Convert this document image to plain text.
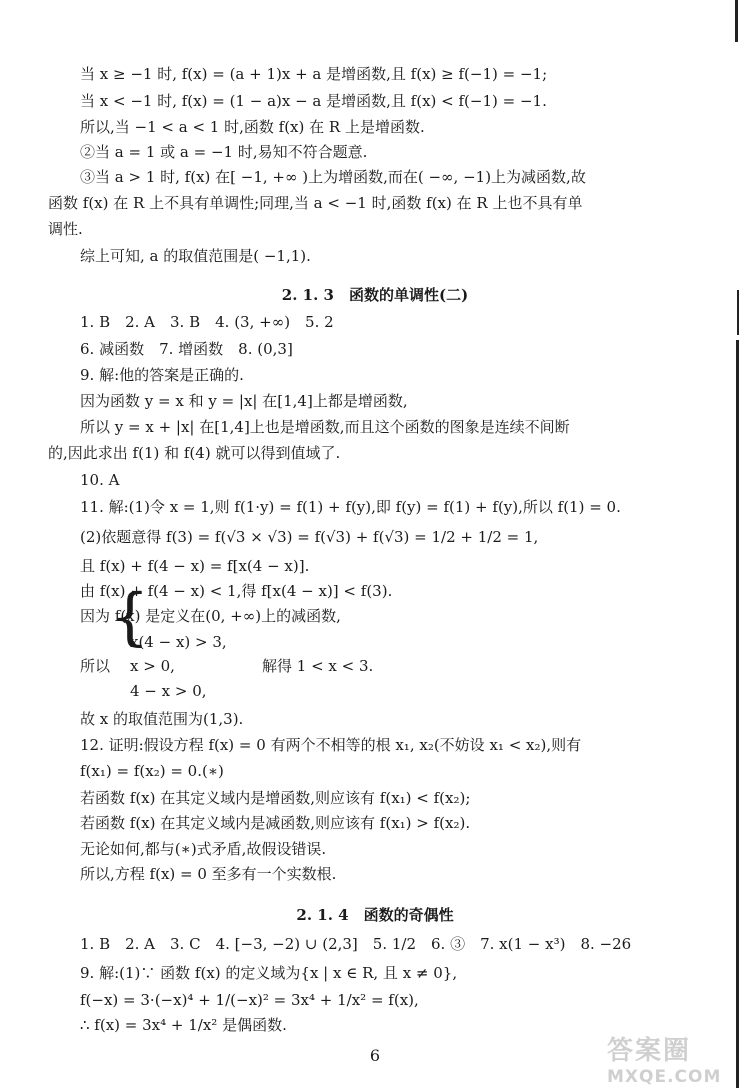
当 x ≥ −1 时, f(x) = (a + 1)x + a 是增函数,且 f(x) ≥ f(−1) = −1;
当 x < −1 时, f(x) = (1 − a)x − a 是增函数,且 f(x) < f(−1) = −1.
所以,当 −1 < a < 1 时,函数 f(x) 在 R 上是增函数.
②当 a = 1 或 a = −1 时,易知不符合题意.
③当 a > 1 时, f(x) 在[ −1, +∞ )上为增函数,而在( −∞, −1)上为减函数,故
函数 f(x) 在 R 上不具有单调性;同理,当 a < −1 时,函数 f(x) 在 R 上也不具有单
调性.
综上可知, a 的取值范围是( −1,1).
2. 1. 3　函数的单调性(二)
1. B　2. A　3. B　4. (3, +∞)　5. 2
6. 减函数　7. 增函数　8. (0,3]
9. 解:他的答案是正确的.
因为函数 y = x 和 y = |x| 在[1,4]上都是增函数,
所以 y = x + |x| 在[1,4]上也是增函数,而且这个函数的图象是连续不间断
的,因此求出 f(1) 和 f(4) 就可以得到值域了.
10. A
11. 解:(1)令 x = 1,则 f(1·y) = f(1) + f(y),即 f(y) = f(1) + f(y),所以 f(1) = 0.
(2)依题意得 f(3) = f(√3 × √3) = f(√3) + f(√3) = 1/2 + 1/2 = 1,
且 f(x) + f(4 − x) = f[x(4 − x)].
由 f(x) + f(4 − x) < 1,得 f[x(4 − x)] < f(3).
因为 f(x) 是定义在(0, +∞)上的减函数,
所以
{
x(4 − x) > 3,
x > 0,
4 − x > 0,
解得 1 < x < 3.
故 x 的取值范围为(1,3).
12. 证明:假设方程 f(x) = 0 有两个不相等的根 x₁, x₂(不妨设 x₁ < x₂),则有
f(x₁) = f(x₂) = 0.(∗)
若函数 f(x) 在其定义域内是增函数,则应该有 f(x₁) < f(x₂);
若函数 f(x) 在其定义域内是减函数,则应该有 f(x₁) > f(x₂).
无论如何,都与(∗)式矛盾,故假设错误.
所以,方程 f(x) = 0 至多有一个实数根.
2. 1. 4　函数的奇偶性
1. B　2. A　3. C　4. [−3, −2) ∪ (2,3]　5. 1/2　6. ③　7. x(1 − x³)　8. −26
9. 解:(1)∵ 函数 f(x) 的定义域为{x | x ∈ R, 且 x ≠ 0},
f(−x) = 3·(−x)⁴ + 1/(−x)² = 3x⁴ + 1/x² = f(x),
∴ f(x) = 3x⁴ + 1/x² 是偶函数.
6	答案圈
MXQE.COM
